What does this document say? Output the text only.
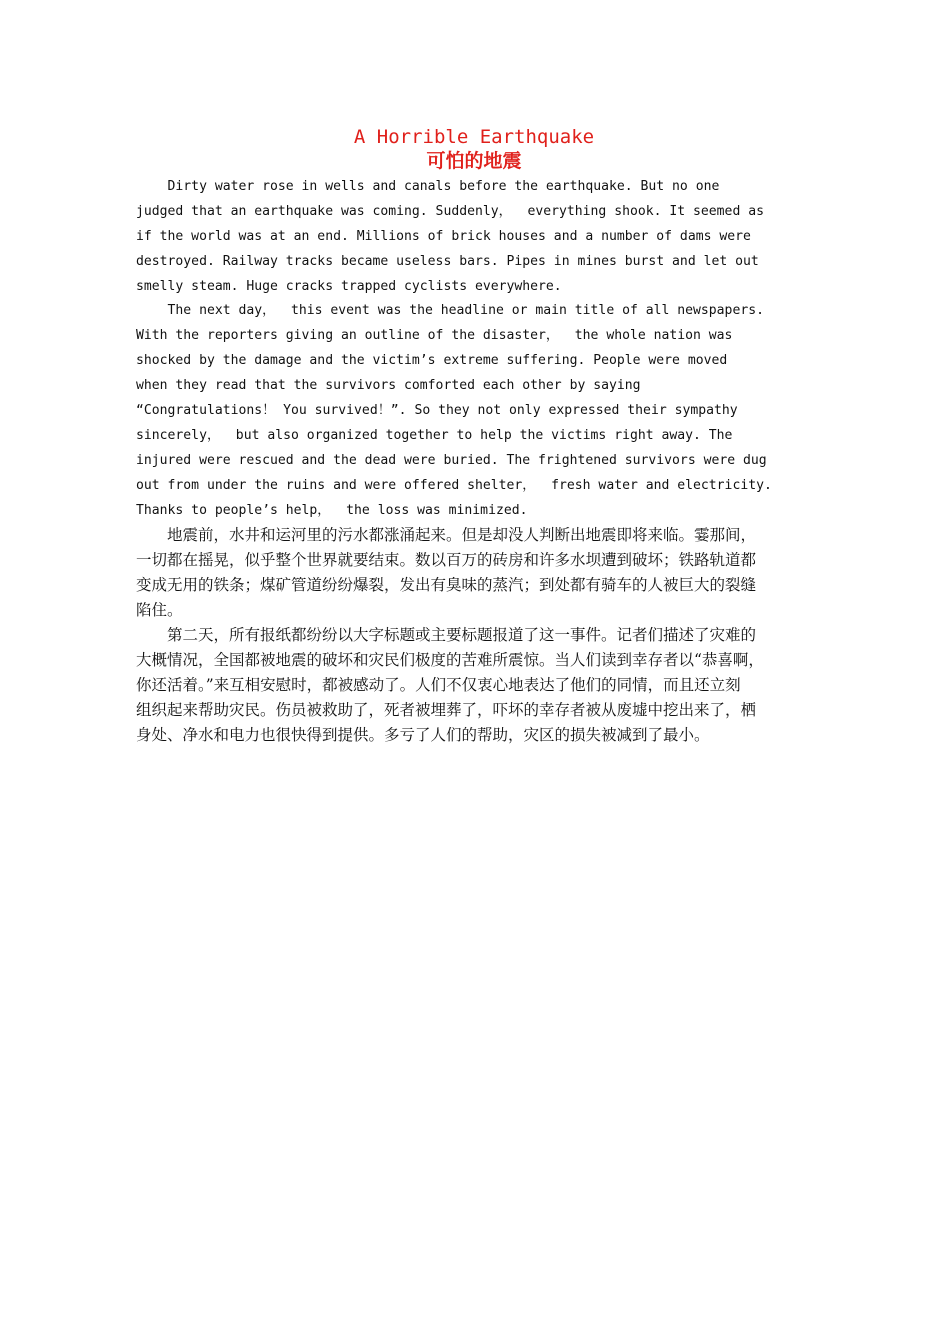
A Horrible Earthquake
可怕的地震
Dirty water rose in wells and canals before the earthquake. But no one
judged that an earthquake was coming. Suddenly，  everything shook. It seemed as
if the world was at an end. Millions of brick houses and a number of dams were
destroyed. Railway tracks became useless bars. Pipes in mines burst and let out
smelly steam. Huge cracks trapped cyclists everywhere.
The next day，  this event was the headline or main title of all newspapers.
With the reporters giving an outline of the disaster，  the whole nation was
shocked by the damage and the victim’s extreme suffering. People were moved
when they read that the survivors comforted each other by saying
“Congratulations！ You survived！”. So they not only expressed their sympathy
sincerely，  but also organized together to help the victims right away. The
injured were rescued and the dead were buried. The frightened survivors were dug
out from under the ruins and were offered shelter，  fresh water and electricity.
Thanks to people’s help，  the loss was minimized.
　　地震前，水井和运河里的污水都涨涌起来。但是却没人判断出地震即将来临。霎那间，
一切都在摇晃，似乎整个世界就要结束。数以百万的砖房和许多水坝遭到破坏；铁路轨道都
变成无用的铁条；煤矿管道纷纷爆裂，发出有臭味的蒸汽；到处都有骑车的人被巨大的裂缝
陷住。
　　第二天，所有报纸都纷纷以大字标题或主要标题报道了这一事件。记者们描述了灾难的
大概情况，全国都被地震的破坏和灾民们极度的苦难所震惊。当人们读到幸存者以“恭喜啊，
你还活着。”来互相安慰时，都被感动了。人们不仅衷心地表达了他们的同情，而且还立刻
组织起来帮助灾民。伤员被救助了，死者被埋葬了，吓坏的幸存者被从废墟中挖出来了，栖
身处、净水和电力也很快得到提供。多亏了人们的帮助，灾区的损失被减到了最小。
